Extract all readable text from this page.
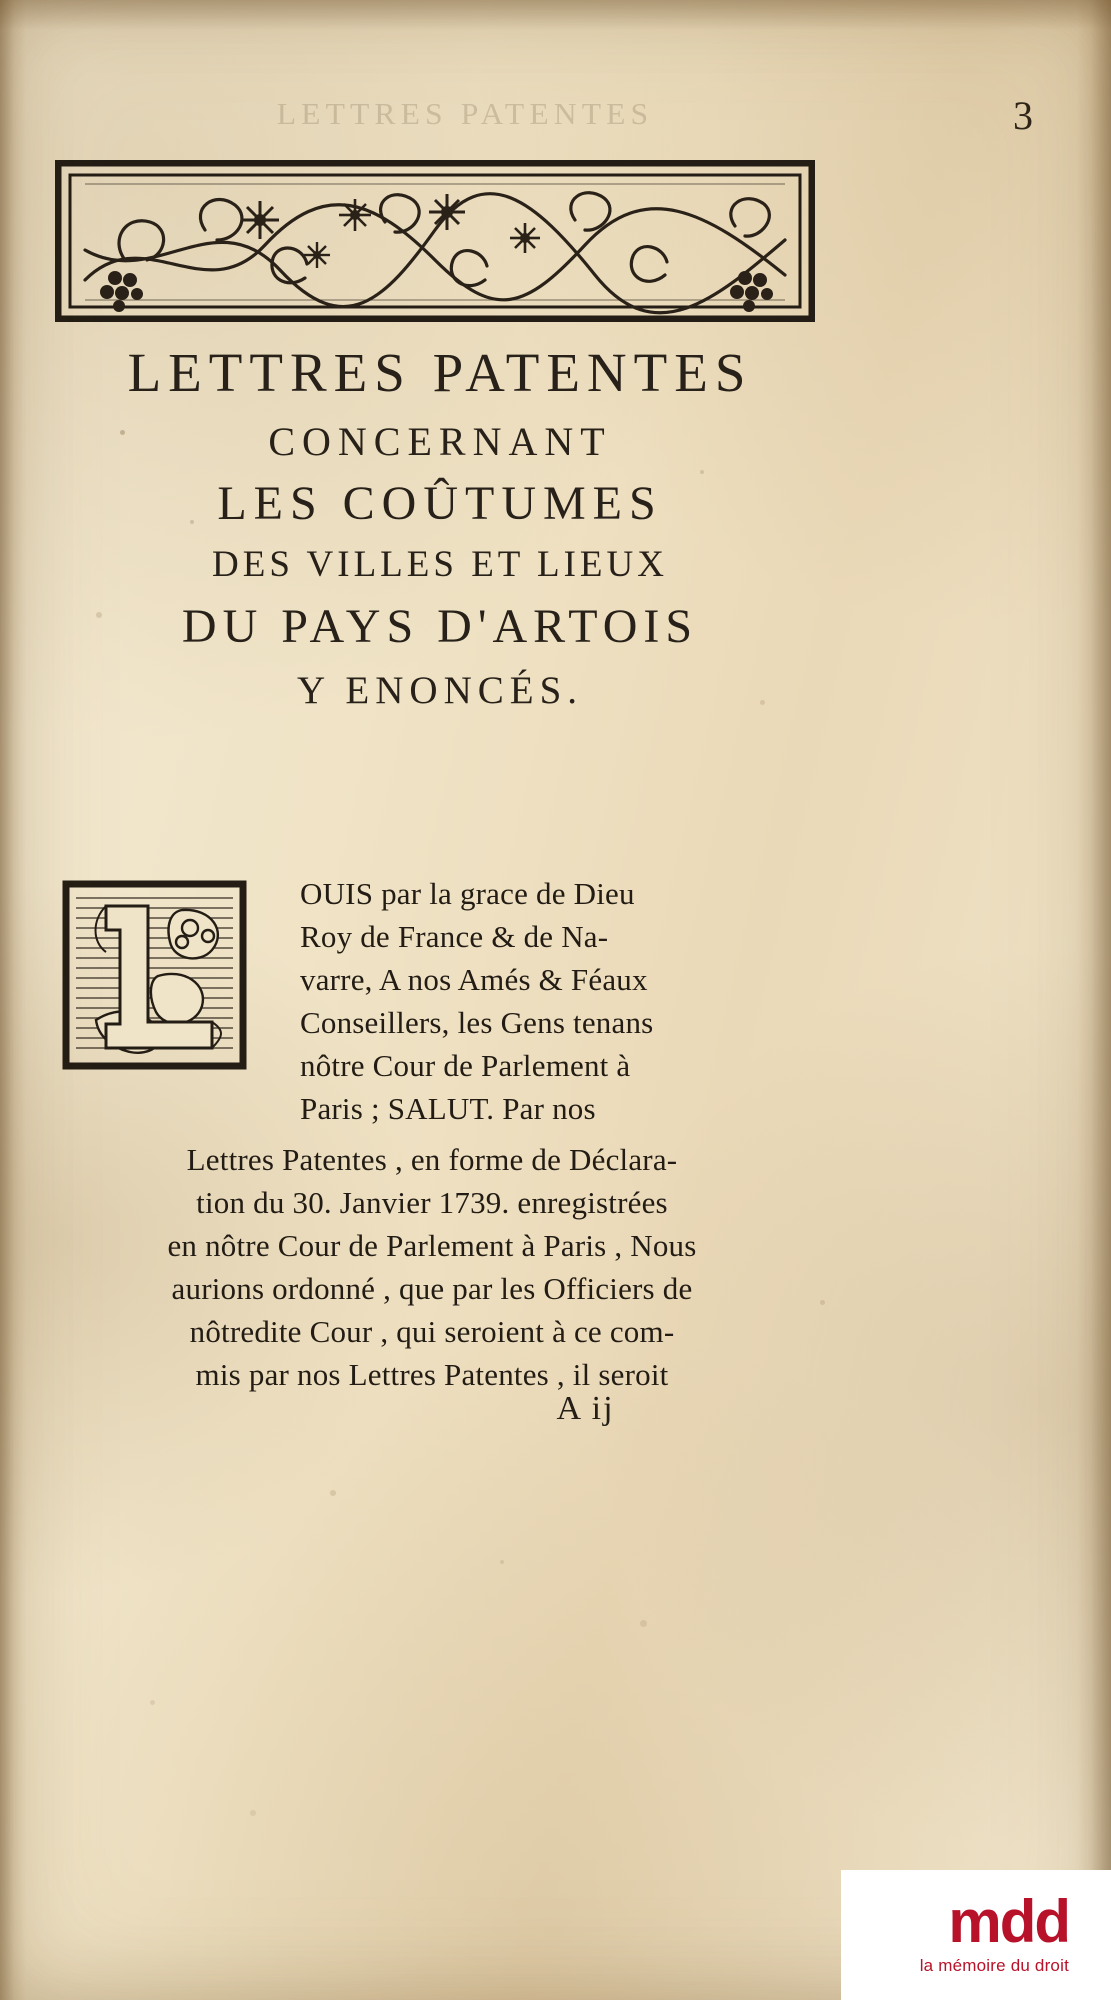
LETTRES PATENTES	3
LETTRES PATENTES
CONCERNANT
LES COÛTUMES
DES VILLES ET LIEUX
DU PAYS D'ARTOIS
Y ENONCÉS.
OUIS par la grace de Dieu
Roy de France & de Na-
varre, A nos Amés & Féaux
Conseillers, les Gens tenans
nôtre Cour de Parlement à
Paris ; SALUT. Par nos
Lettres Patentes , en forme de Déclara-
tion du 30. Janvier 1739. enregistrées
en nôtre Cour de Parlement à Paris , Nous
aurions ordonné , que par les Officiers de
nôtredite Cour , qui seroient à ce com-
mis par nos Lettres Patentes , il seroit
A ij
mdd
la mémoire du droit
